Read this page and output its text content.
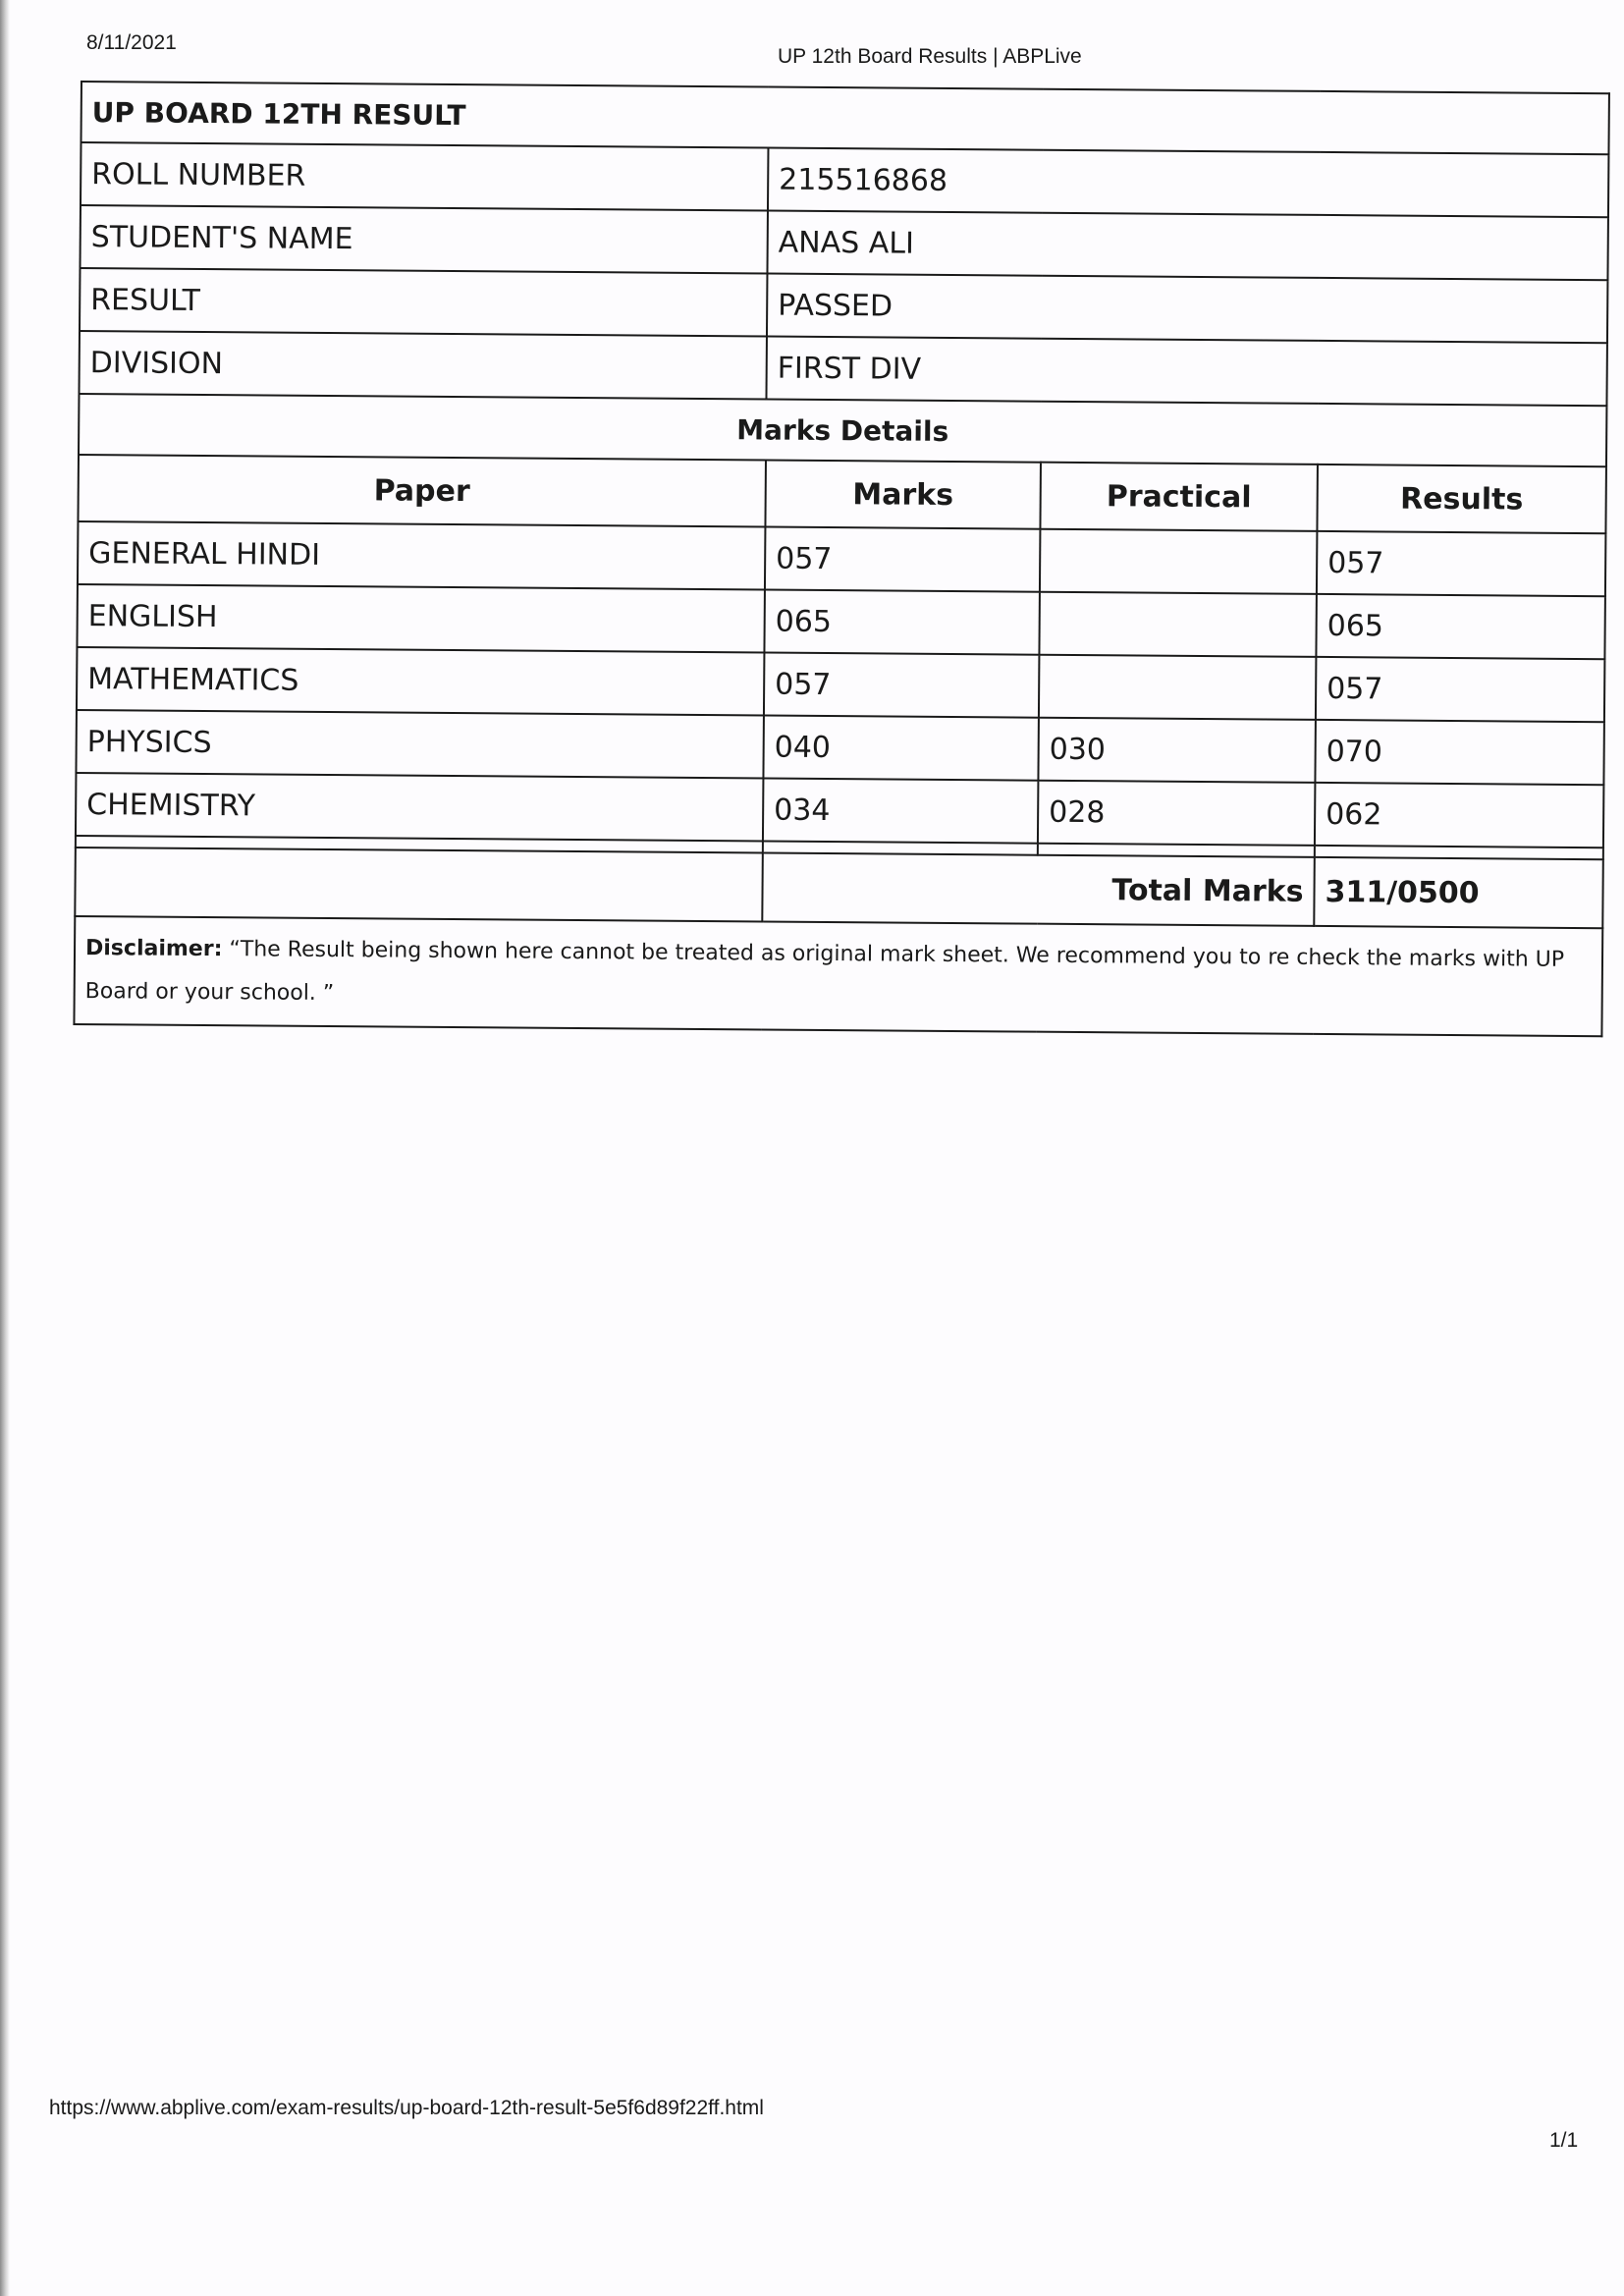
8/11/2021
UP 12th Board Results | ABPLive
UP BOARD 12TH RESULT			
ROLL NUMBER	215516868		
STUDENT'S NAME	ANAS ALI		
RESULT	PASSED		
DIVISION	FIRST DIV		
Marks Details			
Paper	Marks	Practical	Results
GENERAL HINDI	057		057
ENGLISH	065		065
MATHEMATICS	057		057
PHYSICS	040	030	070
CHEMISTRY	034	028	062

	Total Marks		311/0500
Disclaimer: “The Result being shown here cannot be treated as original mark sheet. We recommend you to re check the marks with UP Board or your school. ”			
https://www.abplive.com/exam-results/up-board-12th-result-5e5f6d89f22ff.html
1/1
